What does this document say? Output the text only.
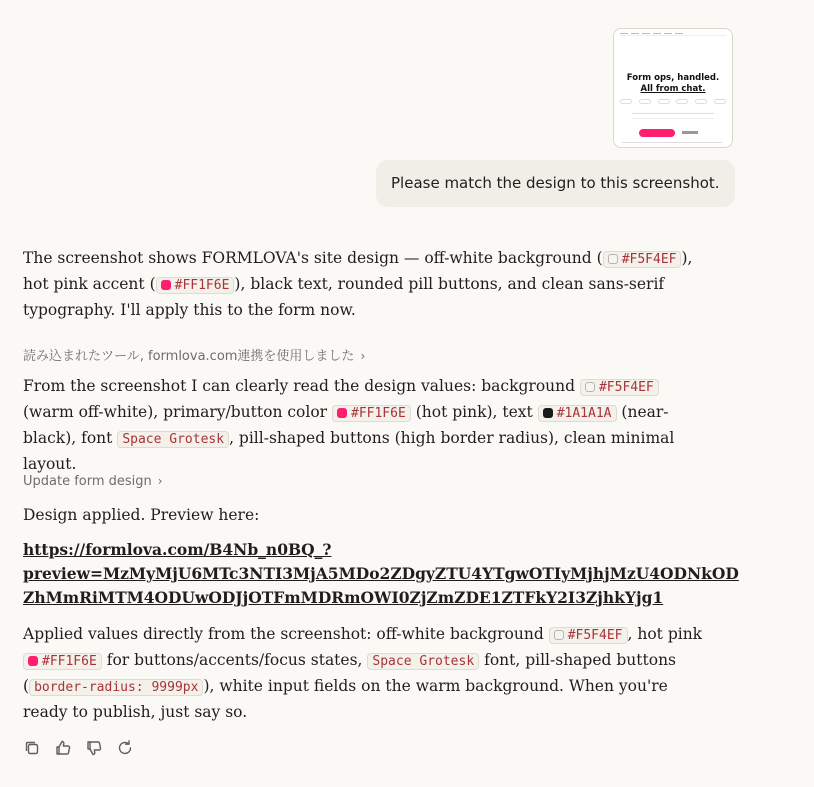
Form ops, handled.
All from chat.
Please match the design to this screenshot.
The screenshot shows FORMLOVA's site design — off-white background ( #F5F4EF ), hot pink accent ( #FF1F6E ), black text, rounded pill buttons, and clean sans-serif typography. I'll apply this to the form now.
読み込まれたツール, formlova.com連携を使用しました ›
From the screenshot I can clearly read the design values: background #F5F4EF (warm off-white), primary/button color #FF1F6E (hot pink), text #1A1A1A (near-black), font Space Grotesk , pill-shaped buttons (high border radius), clean minimal layout.
Update form design ›
Design applied. Preview here:
https://formlova.com/B4Nb_n0BQ_?
preview=MzMyMjU6MTc3NTI3MjA5MDo2ZDgyZTU4YTgwOTIyMjhjMzU4ODNkOD
ZhMmRiMTM4ODUwODJjOTFmMDRmOWI0ZjZmZDE1ZTFkY2I3ZjhkYjg1
Applied values directly from the screenshot: off-white background #F5F4EF , hot pink #FF1F6E for buttons/accents/focus states, Space Grotesk font, pill-shaped buttons ( border-radius: 9999px ), white input fields on the warm background. When you're ready to publish, just say so.
